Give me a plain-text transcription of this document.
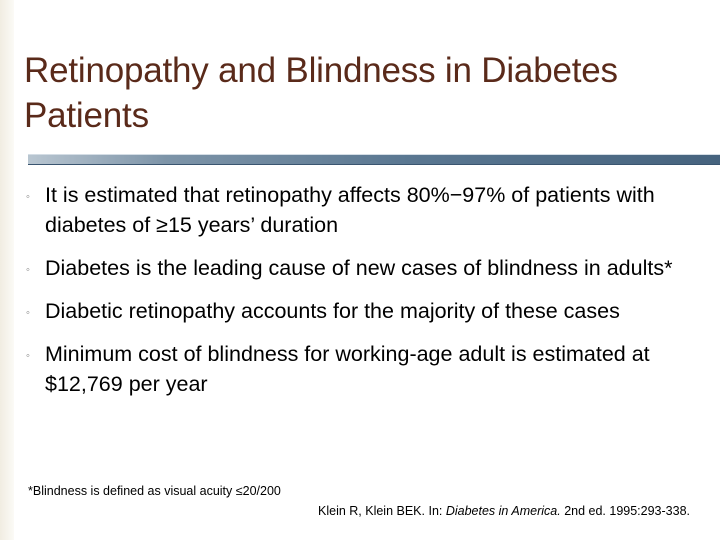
Retinopathy and Blindness in Diabetes Patients
◦ It is estimated that retinopathy affects 80%−97% of patients with diabetes of ≥15 years’ duration
◦ Diabetes is the leading cause of new cases of blindness in adults*
◦ Diabetic retinopathy accounts for the majority of these cases
◦ Minimum cost of blindness for working-age adult is estimated at $12,769 per year
*Blindness is defined as visual acuity ≤20/200
Klein R, Klein BEK. In: Diabetes in America. 2nd ed. 1995:293-338.
